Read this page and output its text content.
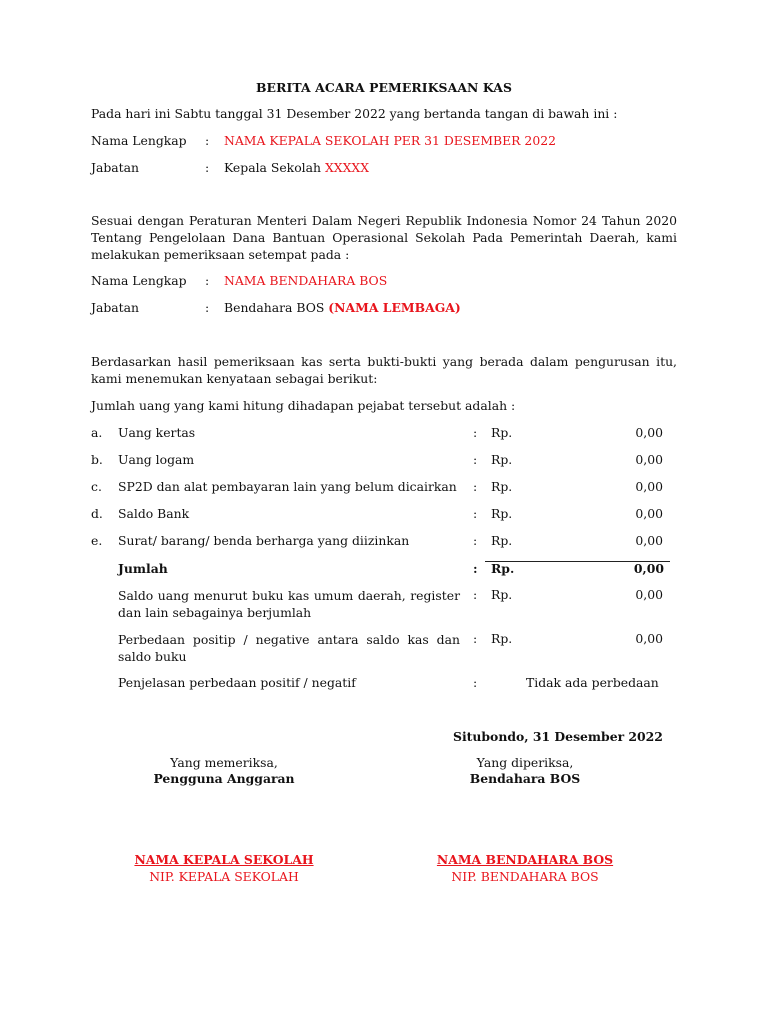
BERITA ACARA PEMERIKSAAN KAS
Pada hari ini Sabtu tanggal 31 Desember 2022 yang bertanda tangan di bawah ini :
Nama Lengkap : NAMA KEPALA SEKOLAH PER 31 DESEMBER 2022
Jabatan	: Kepala Sekolah XXXXX
Sesuai dengan Peraturan Menteri Dalam Negeri Republik Indonesia Nomor 24 Tahun 2020 Tentang Pengelolaan Dana Bantuan Operasional Sekolah Pada Pemerintah Daerah, kami melakukan pemeriksaan setempat pada :
Nama Lengkap : NAMA BENDAHARA BOS
Jabatan	: Bendahara BOS (NAMA LEMBAGA)
Berdasarkan hasil pemeriksaan kas serta bukti-bukti yang berada dalam pengurusan itu, kami menemukan kenyataan sebagai berikut:
Jumlah uang yang kami hitung dihadapan pejabat tersebut adalah :
a. Uang kertas	: Rp.	0,00
b. Uang logam	: Rp.	0,00
c. SP2D dan alat pembayaran lain yang belum dicairkan : Rp.	0,00
d. Saldo Bank	: Rp.	0,00
e. Surat/ barang/ benda berharga yang diizinkan	: Rp.	0,00
Jumlah	: Rp.	0,00
Saldo uang menurut buku kas umum daerah, register dan lain sebagainya berjumlah
: Rp.	0,00
Perbedaan positip / negative antara saldo kas dan saldo buku
: Rp.	0,00
Penjelasan perbedaan positif / negatif	:	Tidak ada perbedaan
Situbondo, 31 Desember 2022
Yang memeriksa,
Pengguna Anggaran
NAMA KEPALA SEKOLAH
NIP. KEPALA SEKOLAH
Yang diperiksa,
Bendahara BOS
NAMA BENDAHARA BOS
NIP. BENDAHARA BOS
